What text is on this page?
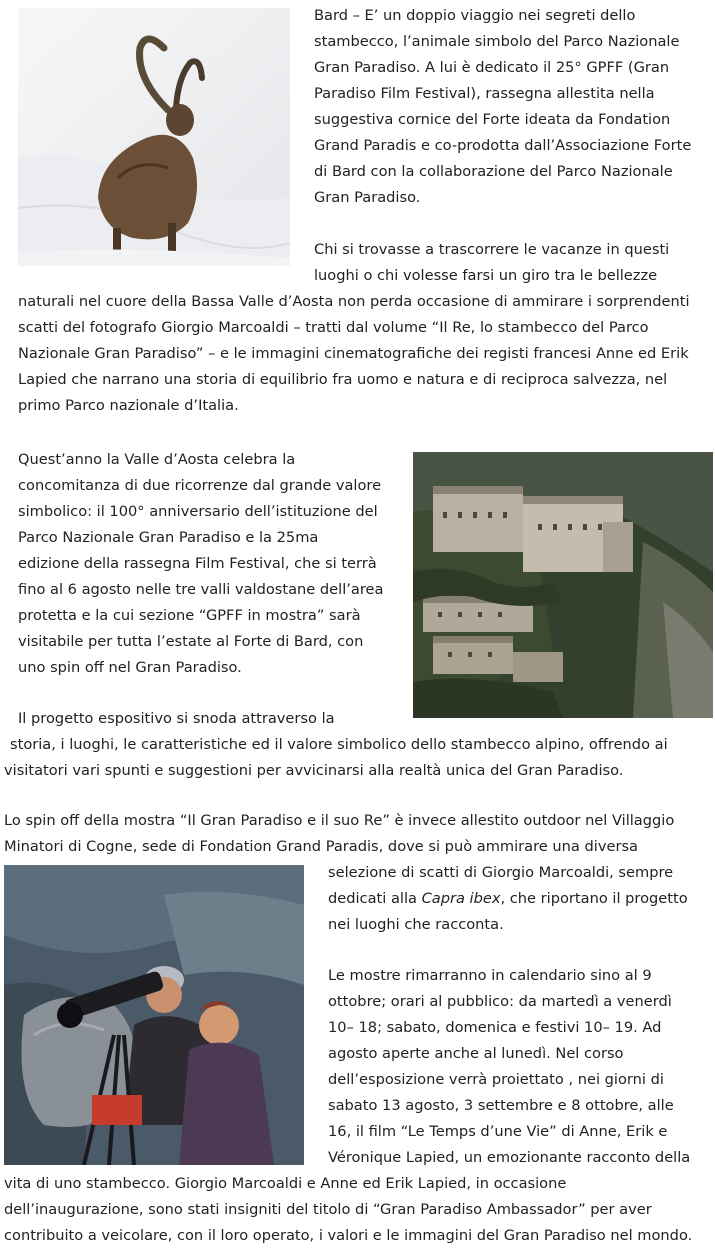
Bard – E’ un doppio viaggio nei segreti dello
stambecco, l’animale simbolo del Parco Nazionale
Gran Paradiso. A lui è dedicato il 25° GPFF (Gran
Paradiso Film Festival), rassegna allestita nella
suggestiva cornice del Forte ideata da Fondation
Grand Paradis e co-prodotta dall’Associazione Forte
di Bard con la collaborazione del Parco Nazionale
Gran Paradiso.
Chi si trovasse a trascorrere le vacanze in questi
luoghi o chi volesse farsi un giro tra le bellezze
naturali nel cuore della Bassa Valle d’Aosta non perda occasione di ammirare i sorprendenti
scatti del fotografo Giorgio Marcoaldi – tratti dal volume “Il Re, lo stambecco del Parco
Nazionale Gran Paradiso” – e le immagini cinematografiche dei registi francesi Anne ed Erik
Lapied che narrano una storia di equilibrio fra uomo e natura e di reciproca salvezza, nel
primo Parco nazionale d’Italia.
Quest’anno la Valle d’Aosta celebra la
concomitanza di due ricorrenze dal grande valore
simbolico: il 100° anniversario dell’istituzione del
Parco Nazionale Gran Paradiso e la 25ma
edizione della rassegna Film Festival, che si terrà
fino al 6 agosto nelle tre valli valdostane dell’area
protetta e la cui sezione “GPFF in mostra” sarà
visitabile per tutta l’estate al Forte di Bard, con
uno spin off nel Gran Paradiso.
Il progetto espositivo si snoda attraverso la
storia, i luoghi, le caratteristiche ed il valore simbolico dello stambecco alpino, offrendo ai
visitatori vari spunti e suggestioni per avvicinarsi alla realtà unica del Gran Paradiso.
Lo spin off della mostra “Il Gran Paradiso e il suo Re” è invece allestito outdoor nel Villaggio
Minatori di Cogne, sede di Fondation Grand Paradis, dove si può ammirare una diversa
selezione di scatti di Giorgio Marcoaldi, sempre
dedicati alla Capra ibex, che riportano il progetto
nei luoghi che racconta.
Le mostre rimarranno in calendario sino al 9
ottobre; orari al pubblico: da martedì a venerdì
10– 18; sabato, domenica e festivi 10– 19. Ad
agosto aperte anche al lunedì. Nel corso
dell’esposizione verrà proiettato , nei giorni di
sabato 13 agosto, 3 settembre e 8 ottobre, alle
16, il film “Le Temps d’une Vie” di Anne, Erik e
Véronique Lapied, un emozionante racconto della
vita di uno stambecco. Giorgio Marcoaldi e Anne ed Erik Lapied, in occasione
dell’inaugurazione, sono stati insigniti del titolo di “Gran Paradiso Ambassador” per aver
contribuito a veicolare, con il loro operato, i valori e le immagini del Gran Paradiso nel mondo.
